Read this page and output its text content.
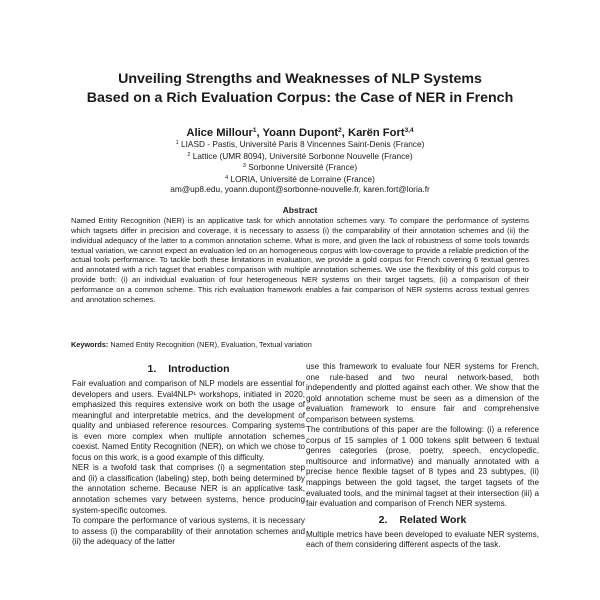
Unveiling Strengths and Weaknesses of NLP Systems
Based on a Rich Evaluation Corpus: the Case of NER in French
Alice Millour$^1$, Yoann Dupont$^2$, Karën Fort$^{3,4}$
$^1$ LIASD - Pastis, Université Paris 8 Vincennes Saint-Denis (France)
$^2$ Lattice (UMR 8094), Université Sorbonne Nouvelle (France)
$^3$ Sorbonne Université (France)
$^4$ LORIA, Université de Lorraine (France)
am@up8.edu, yoann.dupont@sorbonne-nouvelle.fr, karen.fort@loria.fr
Abstract
Named Entity Recognition (NER) is an applicative task for which annotation schemes vary. To compare the performance of systems which tagsets differ in precision and coverage, it is necessary to assess (i) the comparability of their annotation schemes and (ii) the individual adequacy of the latter to a common annotation scheme. What is more, and given the lack of robustness of some tools towards textual variation, we cannot expect an evaluation led on an homogeneous corpus with low-coverage to provide a reliable prediction of the actual tools performance. To tackle both these limitations in evaluation, we provide a gold corpus for French covering 6 textual genres and annotated with a rich tagset that enables comparison with multiple annotation schemes. We use the flexibility of this gold corpus to provide both: (i) an individual evaluation of four heterogeneous NER systems on their target tagsets, (ii) a comparison of their performance on a common scheme. This rich evaluation framework enables a fair comparison of NER systems across textual genres and annotation schemes.
Keywords: Named Entity Recognition (NER), Evaluation, Textual variation
1. Introduction

Fair evaluation and comparison of NLP models are essential for developers and users. Eval4NLP¹ workshops, initiated in 2020, emphasized this requires extensive work on both the usage of meaningful and interpretable metrics, and the development of quality and unbiased reference resources. Comparing systems is even more complex when multiple annotation schemes coexist. Named Entity Recognition (NER), on which we chose to focus on this work, is a good example of this difficulty.

NER is a twofold task that comprises (i) a segmentation step and (ii) a classification (labeling) step, both being determined by the annotation scheme. Because NER is an applicative task, annotation schemes vary between systems, hence producing system-specific outcomes.

To compare the performance of various systems, it is necessary to assess (i) the comparability of their annotation schemes and (ii) the adequacy of the latter

use this framework to evaluate four NER systems for French, one rule-based and two neural network-based, both independently and plotted against each other. We show that the gold annotation scheme must be seen as a dimension of the evaluation framework to ensure fair and comprehensive comparison between systems.

The contributions of this paper are the following: (i) a reference corpus of 15 samples of 1 000 tokens split between 6 textual genres categories (prose, poetry, speech, encyclopedic, multisource and informative) and manually annotated with a precise hence flexible tagset of 8 types and 23 subtypes, (ii) mappings between the gold tagset, the target tagsets of the evaluated tools, and the minimal tagset at their intersection (iii) a fair evaluation and comparison of French NER systems.

2. Related Work

Multiple metrics have been developed to evaluate NER systems, each of them considering different aspects of the task.
